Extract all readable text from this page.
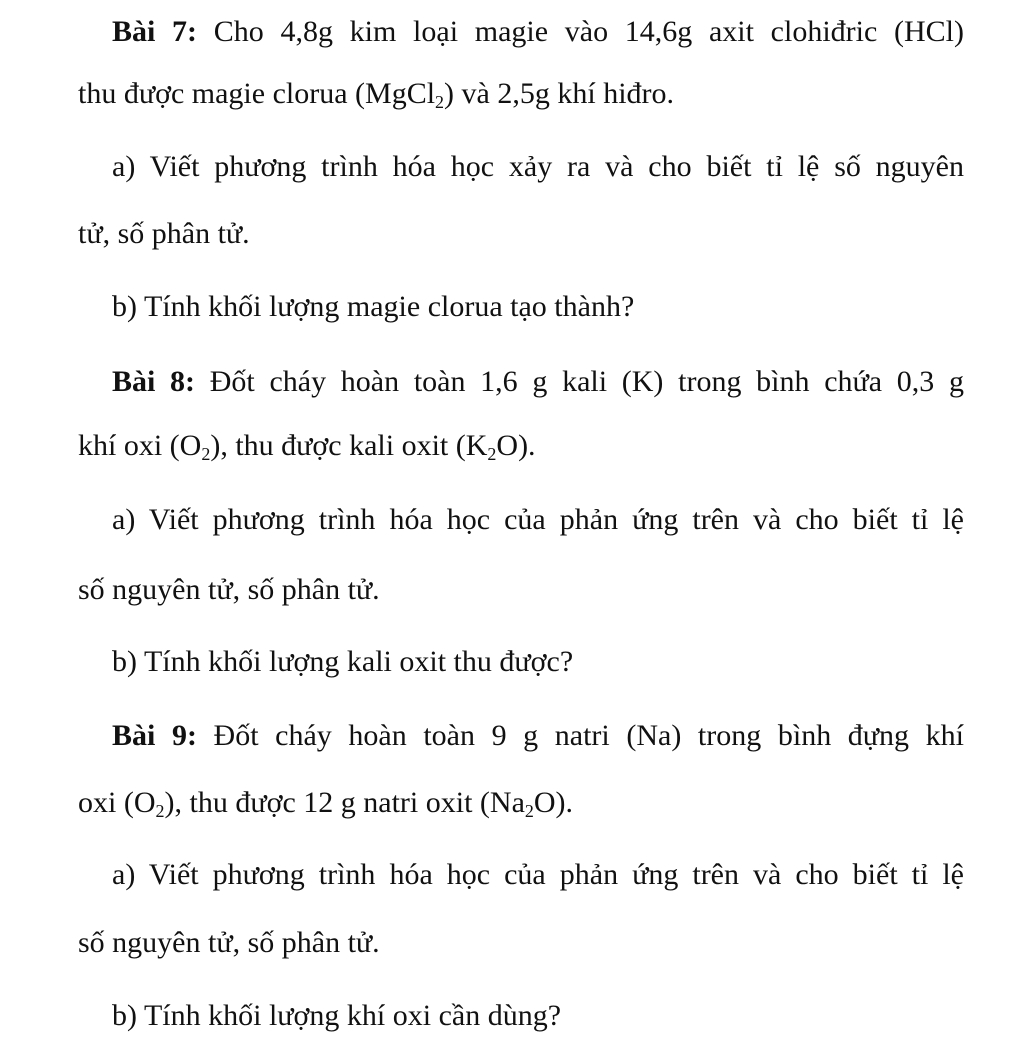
Bài 7: Cho 4,8g kim loại magie vào 14,6g axit clohiđric (HCl)
thu được magie clorua (MgCl$_2$) và 2,5g khí hiđro.
a) Viết phương trình hóa học xảy ra và cho biết tỉ lệ số nguyên
tử, số phân tử.
b) Tính khối lượng magie clorua tạo thành?
Bài 8: Đốt cháy hoàn toàn 1,6 g kali (K) trong bình chứa 0,3 g
khí oxi $(O_2)$, thu được kali oxit $(K_2O)$.
a) Viết phương trình hóa học của phản ứng trên và cho biết tỉ lệ
số nguyên tử, số phân tử.
b) Tính khối lượng kali oxit thu được?
Bài 9: Đốt cháy hoàn toàn 9 g natri (Na) trong bình đựng khí
oxi $(O_2)$, thu được 12 g natri oxit $(Na_2O)$.
a) Viết phương trình hóa học của phản ứng trên và cho biết tỉ lệ
số nguyên tử, số phân tử.
b) Tính khối lượng khí oxi cần dùng?
